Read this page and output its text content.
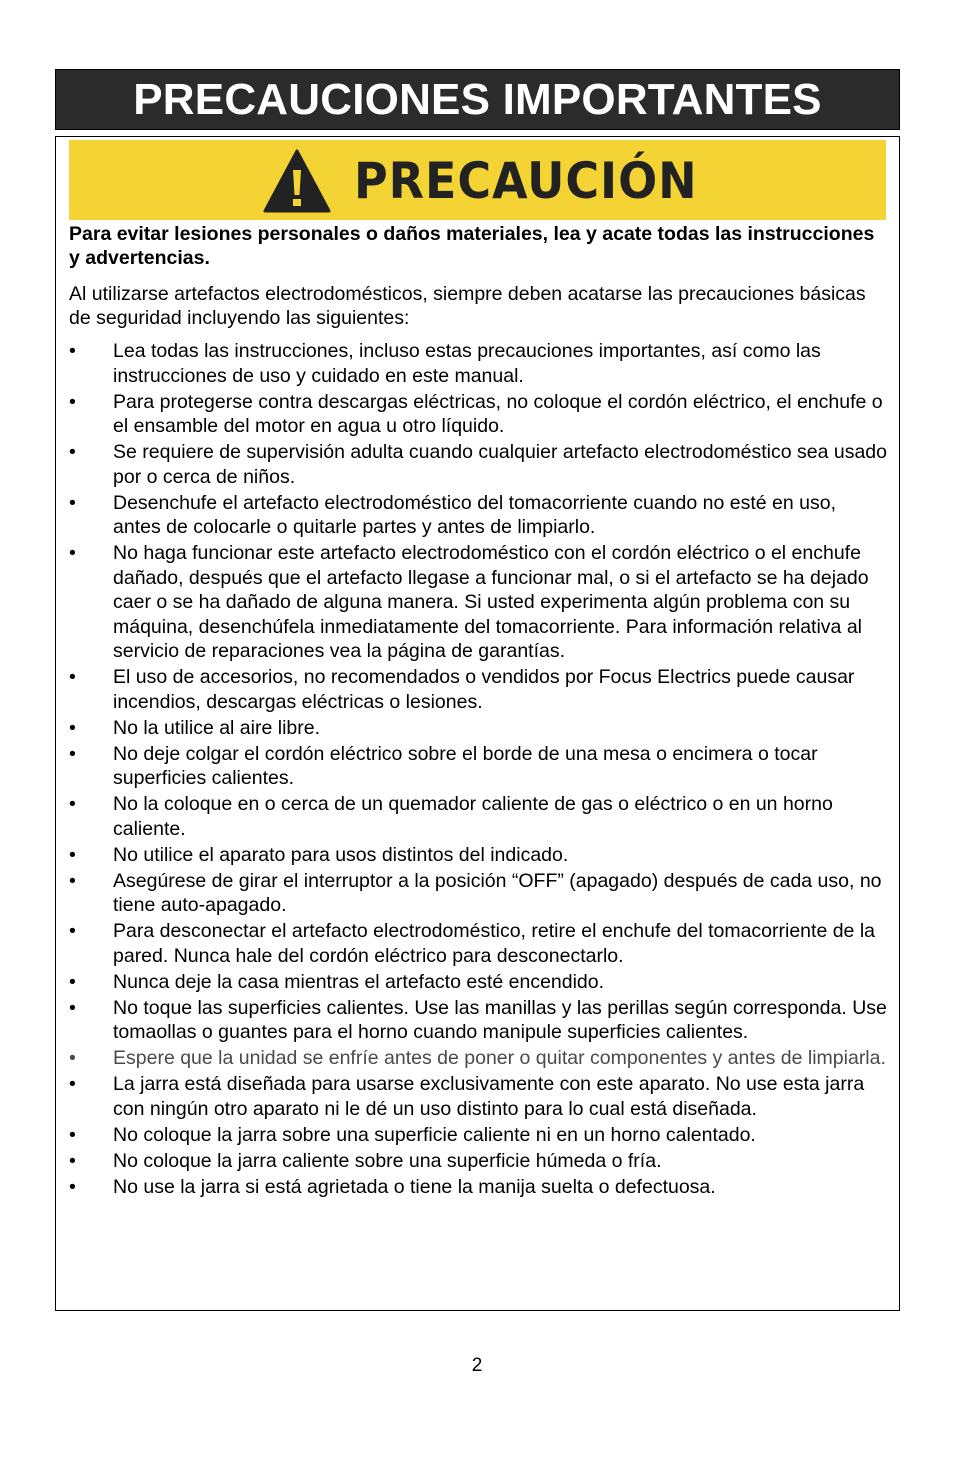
PRECAUCIONES IMPORTANTES
PRECAUCIÓN
Para evitar lesiones personales o daños materiales, lea y acate todas las instrucciones y advertencias.
Al utilizarse artefactos electrodomésticos, siempre deben acatarse las precauciones básicas de seguridad incluyendo las siguientes:
• Lea todas las instrucciones, incluso estas precauciones importantes, así como las instrucciones de uso y cuidado en este manual.
• Para protegerse contra descargas eléctricas, no coloque el cordón eléctrico, el enchufe o el ensamble del motor en agua u otro líquido.
• Se requiere de supervisión adulta cuando cualquier artefacto electrodoméstico sea usado por o cerca de niños.
• Desenchufe el artefacto electrodoméstico del tomacorriente cuando no esté en uso, antes de colocarle o quitarle partes y antes de limpiarlo.
• No haga funcionar este artefacto electrodoméstico con el cordón eléctrico o el enchufe dañado, después que el artefacto llegase a funcionar mal, o si el artefacto se ha dejado caer o se ha dañado de alguna manera. Si usted experimenta algún problema con su máquina, desenchúfela inmediatamente del tomacorriente. Para información relativa al servicio de reparaciones vea la página de garantías.
• El uso de accesorios, no recomendados o vendidos por Focus Electrics puede causar incendios, descargas eléctricas o lesiones.
• No la utilice al aire libre.
• No deje colgar el cordón eléctrico sobre el borde de una mesa o encimera o tocar superficies calientes.
• No la coloque en o cerca de un quemador caliente de gas o eléctrico o en un horno caliente.
• No utilice el aparato para usos distintos del indicado.
• Asegúrese de girar el interruptor a la posición “OFF” (apagado) después de cada uso, no tiene auto-apagado.
• Para desconectar el artefacto electrodoméstico, retire el enchufe del tomacorriente de la pared. Nunca hale del cordón eléctrico para desconectarlo.
• Nunca deje la casa mientras el artefacto esté encendido.
• No toque las superficies calientes. Use las manillas y las perillas según corresponda. Use tomaollas o guantes para el horno cuando manipule superficies calientes.
• Espere que la unidad se enfríe antes de poner o quitar componentes y antes de limpiarla.
• La jarra está diseñada para usarse exclusivamente con este aparato. No use esta jarra con ningún otro aparato ni le dé un uso distinto para lo cual está diseñada.
• No coloque la jarra sobre una superficie caliente ni en un horno calentado.
• No coloque la jarra caliente sobre una superficie húmeda o fría.
• No use la jarra si está agrietada o tiene la manija suelta o defectuosa.
2
